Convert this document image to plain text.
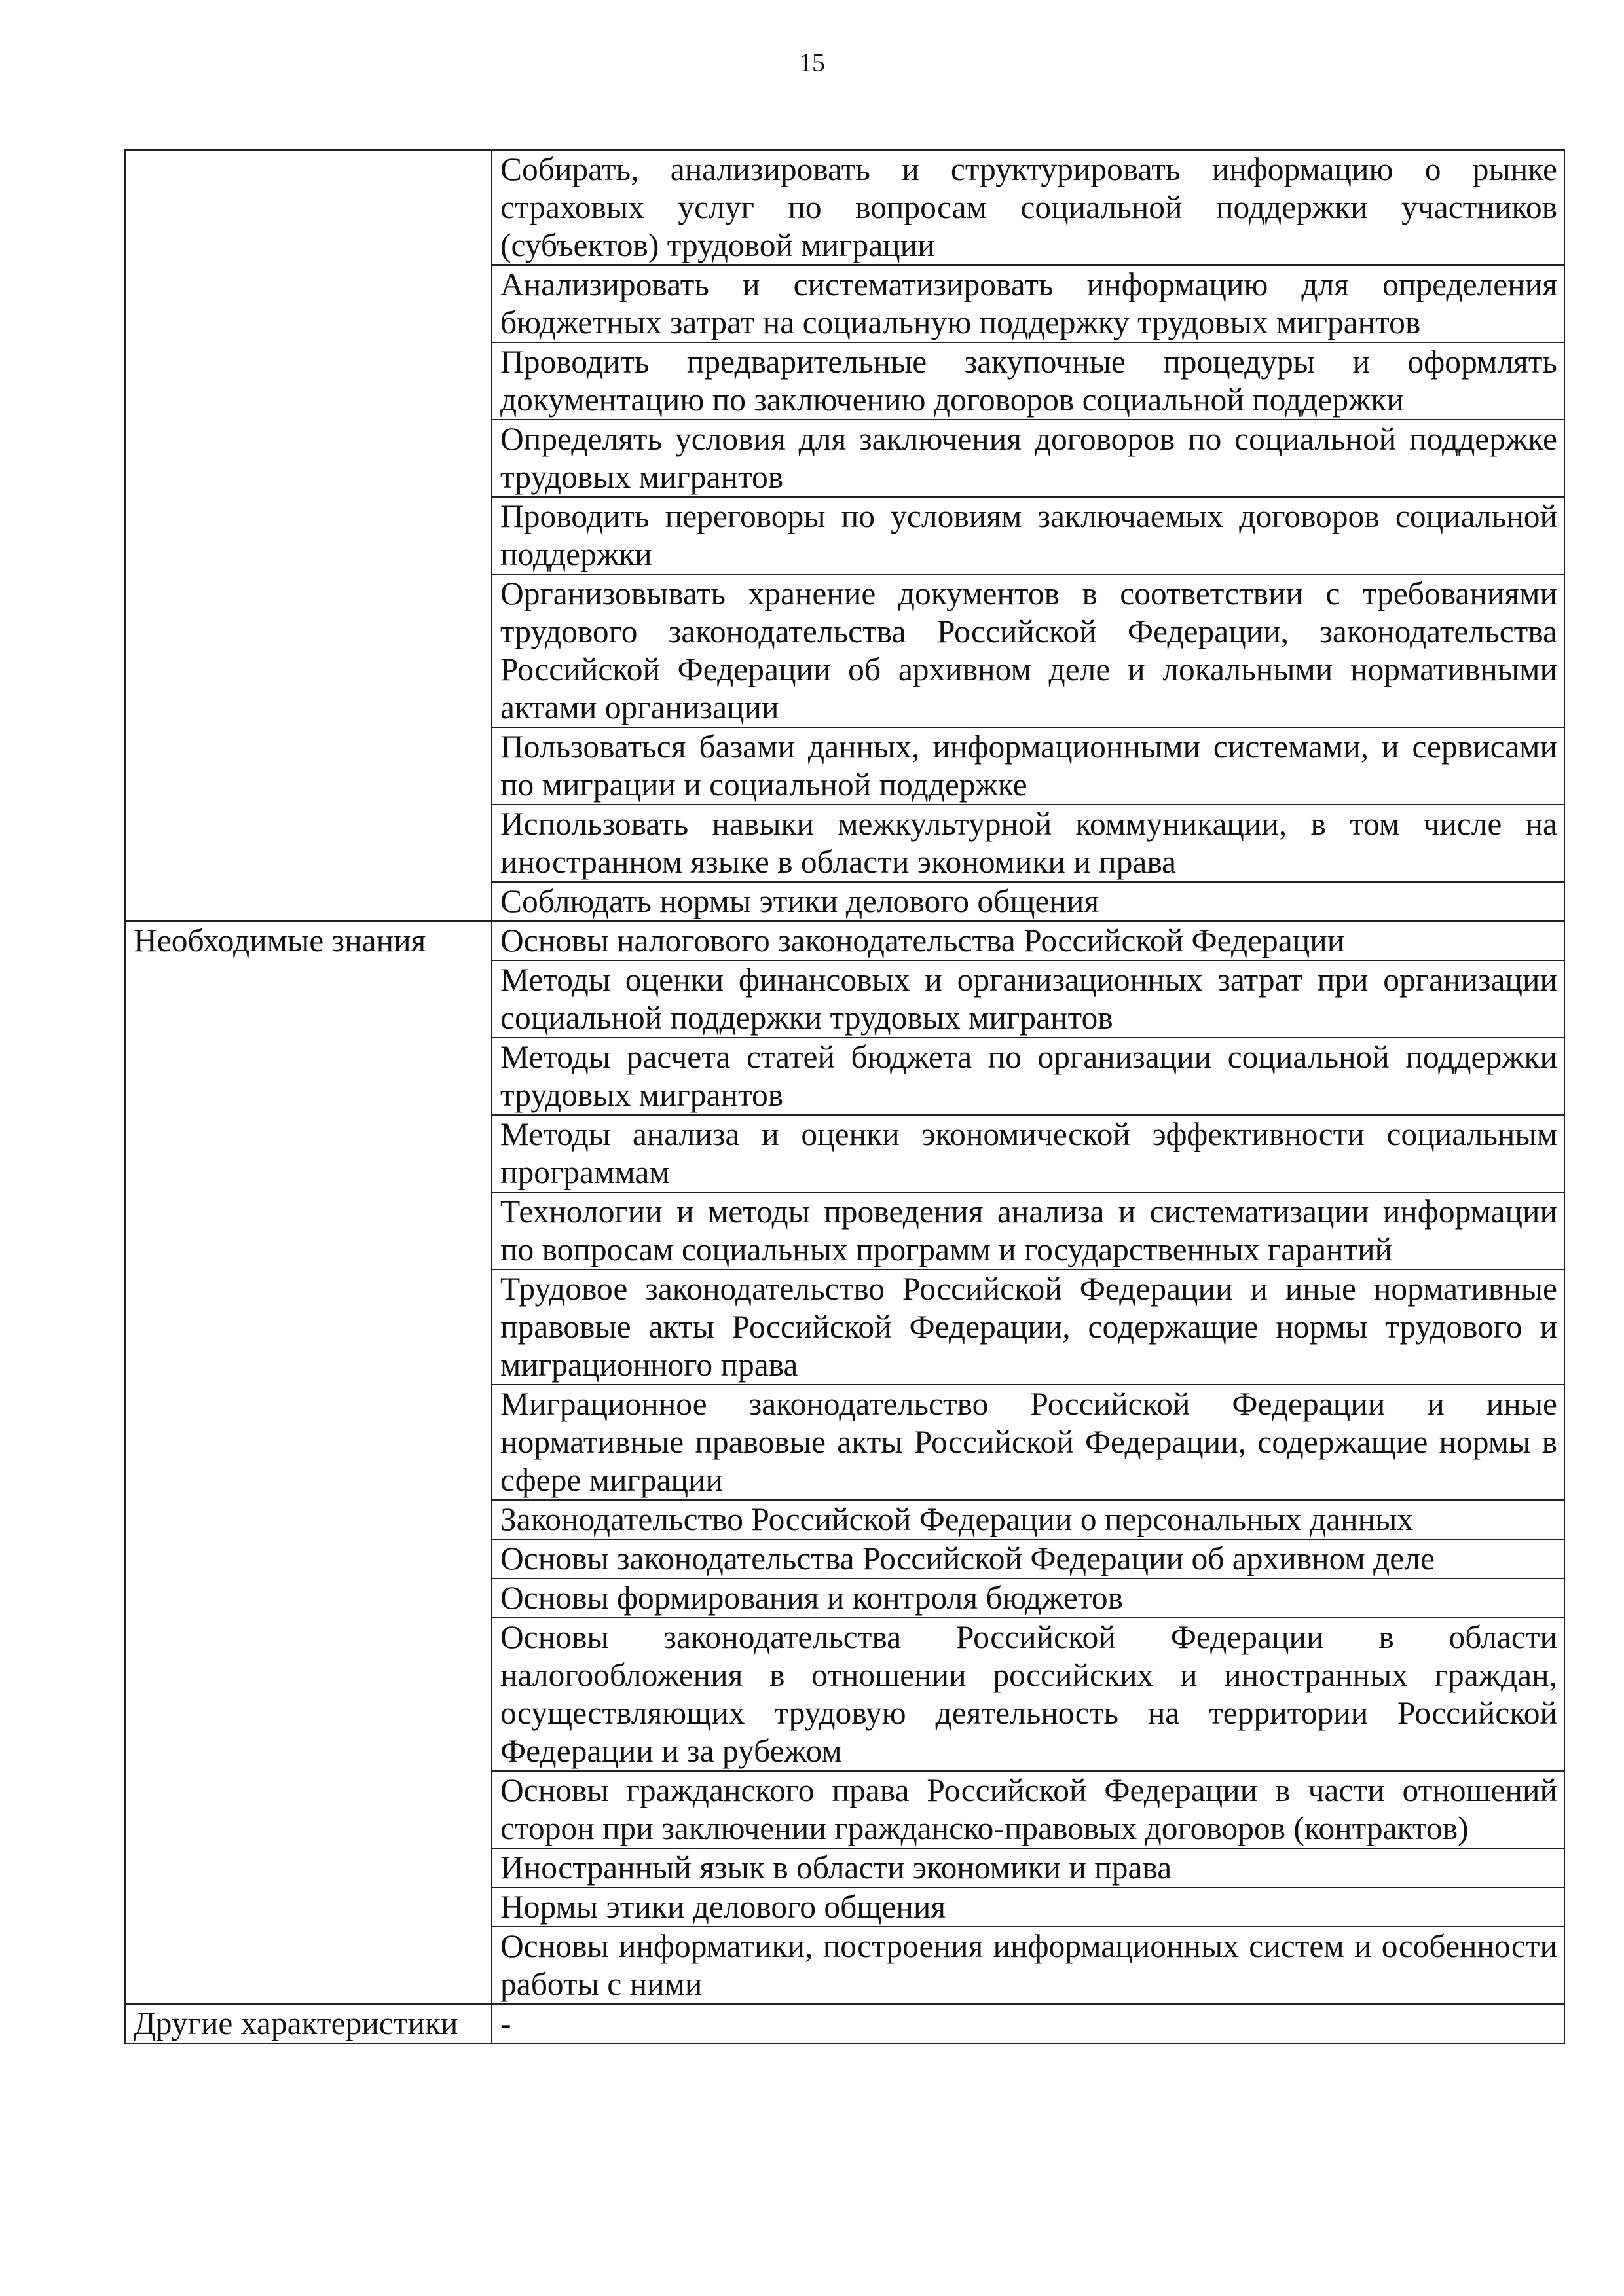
15
	Собирать, анализировать и структурировать информацию о рынке страховых услуг по вопросам социальной поддержки участников (субъектов) трудовой миграции
	Анализировать и систематизировать информацию для определения бюджетных затрат на социальную поддержку трудовых мигрантов
	Проводить предварительные закупочные процедуры и оформлять документацию по заключению договоров социальной поддержки
	Определять условия для заключения договоров по социальной поддержке трудовых мигрантов
	Проводить переговоры по условиям заключаемых договоров социальной поддержки
	Организовывать хранение документов в соответствии с требованиями трудового законодательства Российской Федерации, законодательства Российской Федерации об архивном деле и локальными нормативными актами организации
	Пользоваться базами данных, информационными системами, и сервисами по миграции и социальной поддержке
	Использовать навыки межкультурной коммуникации, в том числе на иностранном языке в области экономики и права
	Соблюдать нормы этики делового общения
Необходимые знания	Основы налогового законодательства Российской Федерации
	Методы оценки финансовых и организационных затрат при организации социальной поддержки трудовых мигрантов
	Методы расчета статей бюджета по организации социальной поддержки трудовых мигрантов
	Методы анализа и оценки экономической эффективности социальным программам
	Технологии и методы проведения анализа и систематизации информации по вопросам социальных программ и государственных гарантий
	Трудовое законодательство Российской Федерации и иные нормативные правовые акты Российской Федерации, содержащие нормы трудового и миграционного права
	Миграционное законодательство Российской Федерации и иные нормативные правовые акты Российской Федерации, содержащие нормы в сфере миграции
	Законодательство Российской Федерации о персональных данных
	Основы законодательства Российской Федерации об архивном деле
	Основы формирования и контроля бюджетов
	Основы законодательства Российской Федерации в области налогообложения в отношении российских и иностранных граждан, осуществляющих трудовую деятельность на территории Российской Федерации и за рубежом
	Основы гражданского права Российской Федерации в части отношений сторон при заключении гражданско-правовых договоров (контрактов)
	Иностранный язык в области экономики и права
	Нормы этики делового общения
	Основы информатики, построения информационных систем и особенности работы с ними
Другие характеристики	-
